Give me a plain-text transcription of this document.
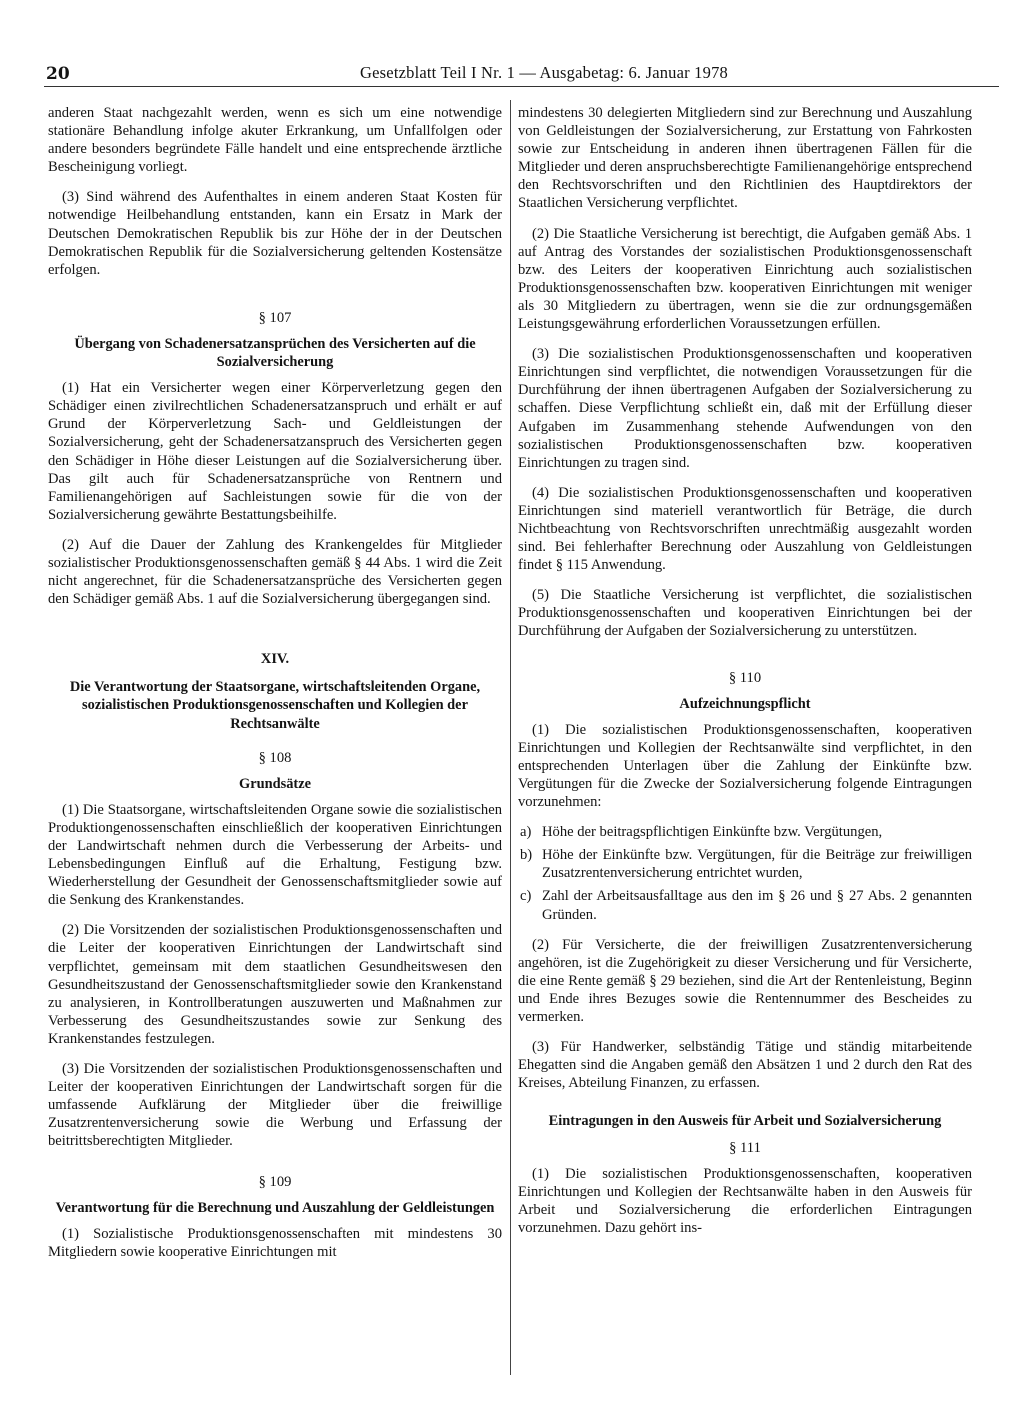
20	Gesetzblatt Teil I Nr. 1 — Ausgabetag: 6. Januar 1978

anderen Staat nachgezahlt werden, wenn es sich um eine notwendige stationäre Behandlung infolge akuter Erkrankung, um Unfallfolgen oder andere besonders begründete Fälle handelt und eine entsprechende ärztliche Bescheinigung vorliegt.

(3) Sind während des Aufenthaltes in einem anderen Staat Kosten für notwendige Heilbehandlung entstanden, kann ein Ersatz in Mark der Deutschen Demokratischen Republik bis zur Höhe der in der Deutschen Demokratischen Republik für die Sozialversicherung geltenden Kostensätze erfolgen.

§ 107
Übergang von Schadenersatzansprüchen des Versicherten auf die Sozialversicherung

(1) Hat ein Versicherter wegen einer Körperverletzung gegen den Schädiger einen zivilrechtlichen Schadenersatzanspruch und erhält er auf Grund der Körperverletzung Sach- und Geldleistungen der Sozialversicherung, geht der Schadenersatzanspruch des Versicherten gegen den Schädiger in Höhe dieser Leistungen auf die Sozialversicherung über. Das gilt auch für Schadenersatzansprüche von Rentnern und Familienangehörigen auf Sachleistungen sowie für die von der Sozialversicherung gewährte Bestattungsbeihilfe.

(2) Auf die Dauer der Zahlung des Krankengeldes für Mitglieder sozialistischer Produktionsgenossenschaften gemäß § 44 Abs. 1 wird die Zeit nicht angerechnet, für die Schadenersatzansprüche des Versicherten gegen den Schädiger gemäß Abs. 1 auf die Sozialversicherung übergegangen sind.

XIV.
Die Verantwortung der Staatsorgane, wirtschaftsleitenden Organe, sozialistischen Produktionsgenossenschaften und Kollegien der Rechtsanwälte
§ 108
Grundsätze

(1) Die Staatsorgane, wirtschaftsleitenden Organe sowie die sozialistischen Produktiongenossenschaften einschließlich der kooperativen Einrichtungen der Landwirtschaft nehmen durch die Verbesserung der Arbeits- und Lebensbedingungen Einfluß auf die Erhaltung, Festigung bzw. Wiederherstellung der Gesundheit der Genossenschaftsmitglieder sowie auf die Senkung des Krankenstandes.

(2) Die Vorsitzenden der sozialistischen Produktionsgenossenschaften und die Leiter der kooperativen Einrichtungen der Landwirtschaft sind verpflichtet, gemeinsam mit dem staatlichen Gesundheitswesen den Gesundheitszustand der Genossenschaftsmitglieder sowie den Krankenstand zu analysieren, in Kontrollberatungen auszuwerten und Maßnahmen zur Verbesserung des Gesundheitszustandes sowie zur Senkung des Krankenstandes festzulegen.

(3) Die Vorsitzenden der sozialistischen Produktionsgenossenschaften und Leiter der kooperativen Einrichtungen der Landwirtschaft sorgen für die umfassende Aufklärung der Mitglieder über die freiwillige Zusatzrentenversicherung sowie die Werbung und Erfassung der beitrittsberechtigten Mitglieder.

§ 109
Verantwortung für die Berechnung und Auszahlung der Geldleistungen

(1) Sozialistische Produktionsgenossenschaften mit mindestens 30 Mitgliedern sowie kooperative Einrichtungen mit

mindestens 30 delegierten Mitgliedern sind zur Berechnung und Auszahlung von Geldleistungen der Sozialversicherung, zur Erstattung von Fahrkosten sowie zur Entscheidung in anderen ihnen übertragenen Fällen für die Mitglieder und deren anspruchsberechtigte Familienangehörige entsprechend den Rechtsvorschriften und den Richtlinien des Hauptdirektors der Staatlichen Versicherung verpflichtet.

(2) Die Staatliche Versicherung ist berechtigt, die Aufgaben gemäß Abs. 1 auf Antrag des Vorstandes der sozialistischen Produktionsgenossenschaft bzw. des Leiters der kooperativen Einrichtung auch sozialistischen Produktionsgenossenschaften bzw. kooperativen Einrichtungen mit weniger als 30 Mitgliedern zu übertragen, wenn sie die zur ordnungsgemäßen Leistungsgewährung erforderlichen Voraussetzungen erfüllen.

(3) Die sozialistischen Produktionsgenossenschaften und kooperativen Einrichtungen sind verpflichtet, die notwendigen Voraussetzungen für die Durchführung der ihnen übertragenen Aufgaben der Sozialversicherung zu schaffen. Diese Verpflichtung schließt ein, daß mit der Erfüllung dieser Aufgaben im Zusammenhang stehende Aufwendungen von den sozialistischen Produktionsgenossenschaften bzw. kooperativen Einrichtungen zu tragen sind.

(4) Die sozialistischen Produktionsgenossenschaften und kooperativen Einrichtungen sind materiell verantwortlich für Beträge, die durch Nichtbeachtung von Rechtsvorschriften unrechtmäßig ausgezahlt worden sind. Bei fehlerhafter Berechnung oder Auszahlung von Geldleistungen findet § 115 Anwendung.

(5) Die Staatliche Versicherung ist verpflichtet, die sozialistischen Produktionsgenossenschaften und kooperativen Einrichtungen bei der Durchführung der Aufgaben der Sozialversicherung zu unterstützen.

§ 110
Aufzeichnungspflicht

(1) Die sozialistischen Produktionsgenossenschaften, kooperativen Einrichtungen und Kollegien der Rechtsanwälte sind verpflichtet, in den entsprechenden Unterlagen über die Zahlung der Einkünfte bzw. Vergütungen für die Zwecke der Sozialversicherung folgende Eintragungen vorzunehmen:

a) Höhe der beitragspflichtigen Einkünfte bzw. Vergütungen,
b) Höhe der Einkünfte bzw. Vergütungen, für die Beiträge zur freiwilligen Zusatzrentenversicherung entrichtet wurden,
c) Zahl der Arbeitsausfalltage aus den im § 26 und § 27 Abs. 2 genannten Gründen.

(2) Für Versicherte, die der freiwilligen Zusatzrentenversicherung angehören, ist die Zugehörigkeit zu dieser Versicherung und für Versicherte, die eine Rente gemäß § 29 beziehen, sind die Art der Rentenleistung, Beginn und Ende ihres Bezuges sowie die Rentennummer des Bescheides zu vermerken.

(3) Für Handwerker, selbständig Tätige und ständig mitarbeitende Ehegatten sind die Angaben gemäß den Absätzen 1 und 2 durch den Rat des Kreises, Abteilung Finanzen, zu erfassen.

Eintragungen in den Ausweis für Arbeit und Sozialversicherung
§ 111

(1) Die sozialistischen Produktionsgenossenschaften, kooperativen Einrichtungen und Kollegien der Rechtsanwälte haben in den Ausweis für Arbeit und Sozialversicherung die erforderlichen Eintragungen vorzunehmen. Dazu gehört ins-
